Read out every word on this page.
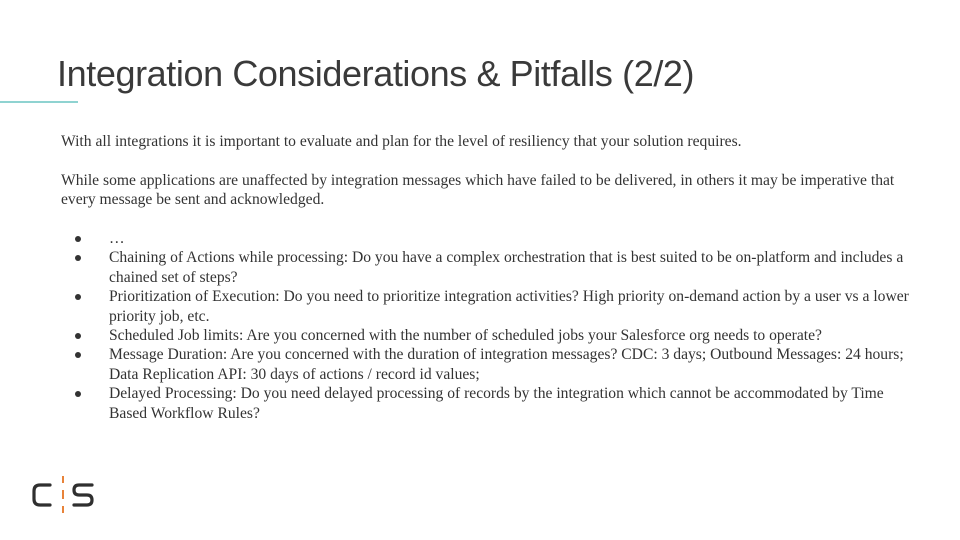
Integration Considerations & Pitfalls (2/2)

With all integrations it is important to evaluate and plan for the level of resiliency that your solution requires.

While some applications are unaffected by integration messages which have failed to be delivered, in others it may be imperative that every message be sent and acknowledged.

…
Chaining of Actions while processing: Do you have a complex orchestration that is best suited to be on-platform and includes a chained set of steps?
Prioritization of Execution: Do you need to prioritize integration activities? High priority on-demand action by a user vs a lower priority job, etc.
Scheduled Job limits: Are you concerned with the number of scheduled jobs your Salesforce org needs to operate?
Message Duration: Are you concerned with the duration of integration messages? CDC: 3 days; Outbound Messages: 24 hours; Data Replication API: 30 days of actions / record id values;
Delayed Processing: Do you need delayed processing of records by the integration which cannot be accommodated by Time Based Workflow Rules?
